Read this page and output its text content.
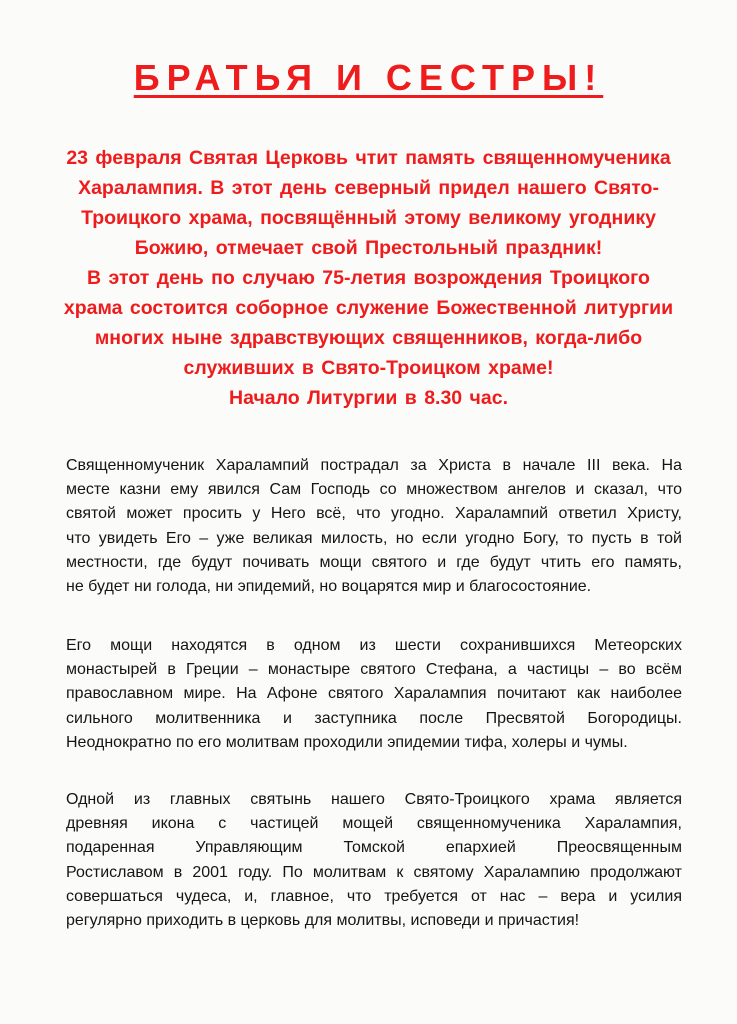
БРАТЬЯ И СЕСТРЫ!
23 февраля Святая Церковь чтит память священномученика
Харалампия. В этот день северный придел нашего Свято-
Троицкого храма, посвящённый этому великому угоднику
Божию, отмечает свой Престольный праздник!
В этот день по случаю 75-летия возрождения Троицкого
храма состоится соборное служение Божественной литургии
многих ныне здравствующих священников, когда-либо
служивших в Свято-Троицком храме!
Начало Литургии в 8.30 час.
Священномученик Харалампий пострадал за Христа в начале III века. На
месте казни ему явился Сам Господь со множеством ангелов и сказал, что
святой может просить у Него всё, что угодно. Харалампий ответил Христу,
что увидеть Его – уже великая милость, но если угодно Богу, то пусть в той
местности, где будут почивать мощи святого и где будут чтить его память,
не будет ни голода, ни эпидемий, но воцарятся мир и благосостояние.
Его мощи находятся в одном из шести сохранившихся Метеорских
монастырей в Греции – монастыре святого Стефана, а частицы – во всём
православном мире. На Афоне святого Харалампия почитают как наиболее
сильного молитвенника и заступника после Пресвятой Богородицы.
Неоднократно по его молитвам проходили эпидемии тифа, холеры и чумы.
Одной из главных святынь нашего Свято-Троицкого храма является
древняя икона с частицей мощей священномученика Харалампия,
подаренная Управляющим Томской епархией Преосвященным
Ростиславом в 2001 году. По молитвам к святому Харалампию продолжают
совершаться чудеса, и, главное, что требуется от нас – вера и усилия
регулярно приходить в церковь для молитвы, исповеди и причастия!
